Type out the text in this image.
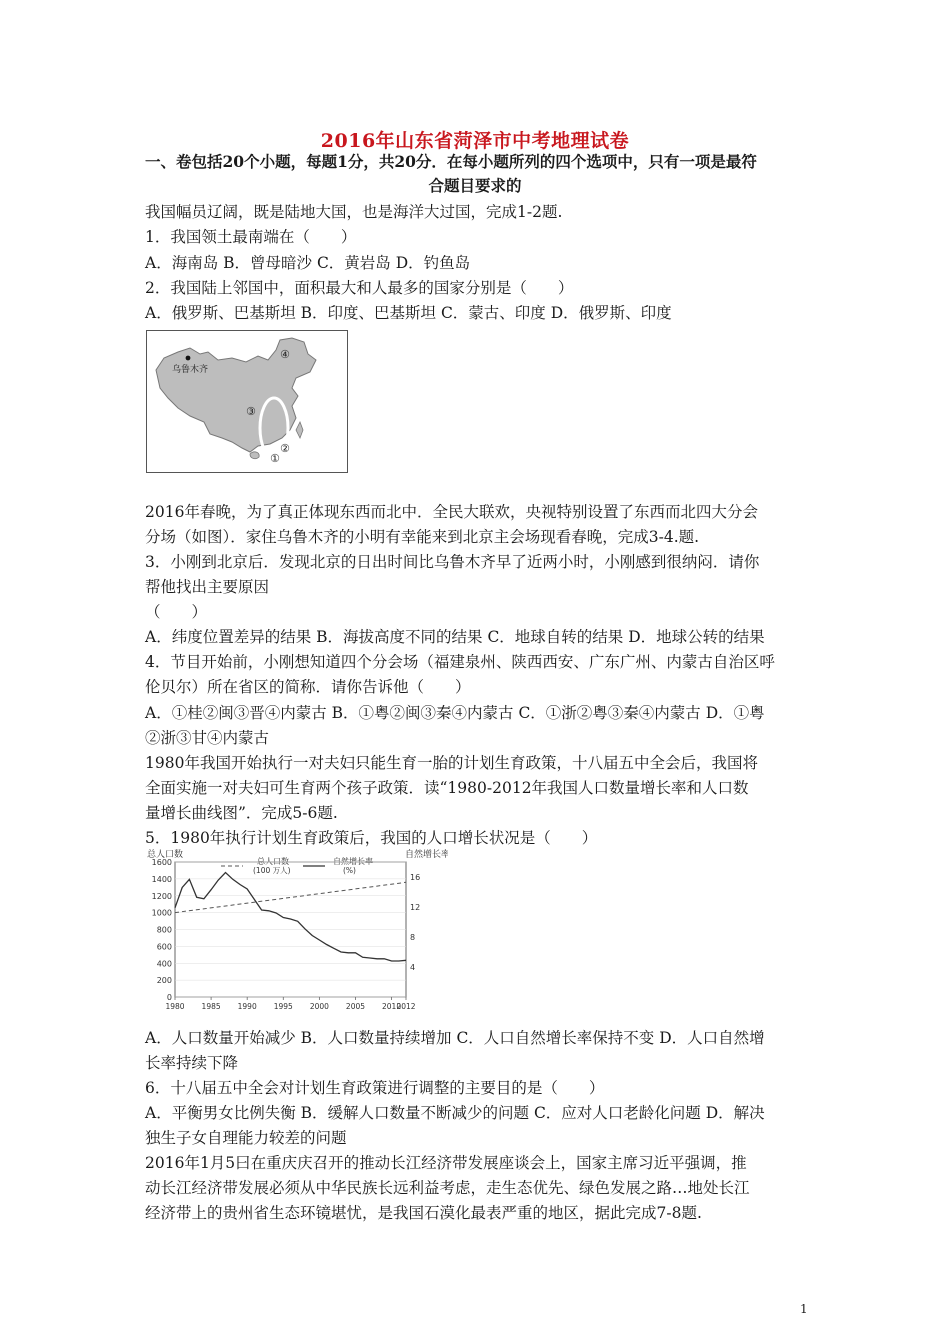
2016年山东省菏泽市中考地理试卷
一、卷包括20个小题，每题1分，共20分．在每小题所列的四个选项中，只有一项是最符
合题目要求的
我国幅员辽阔，既是陆地大国，也是海洋大过国，完成1-2题.
1．我国领土最南端在（　　）
A．海南岛 B．曾母暗沙 C．黄岩岛 D．钓鱼岛
2．我国陆上邻国中，面积最大和人最多的国家分别是（　　）
A．俄罗斯、巴基斯坦 B．印度、巴基斯坦 C．蒙古、印度 D．俄罗斯、印度
乌鲁木齐
④
③
②
①
2016年春晚，为了真正体现东西而北中．全民大联欢，央视特别设置了东西而北四大分会
分场（如图）．家住乌鲁木齐的小明有幸能来到北京主会场现看春晚，完成3-4.题.
3．小刚到北京后．发现北京的日出时间比乌鲁木齐早了近两小时，小刚感到很纳闷．请你
帮他找出主要原因
（　　）
A．纬度位置差异的结果 B．海拔高度不同的结果 C．地球自转的结果 D．地球公转的结果
4．节目开始前，小刚想知道四个分会场（福建泉州、陕西西安、广东广州、内蒙古自治区呼
伦贝尔）所在省区的简称．请你告诉他（　　）
A．①桂②闽③晋④内蒙古 B．①粤②闽③秦④内蒙古 C．①浙②粤③秦④内蒙古 D．①粤
②浙③甘④内蒙古
1980年我国开始执行一对夫妇只能生育一胎的计划生育政策，十八届五中全会后，我国将
全面实施一对夫妇可生育两个孩子政策．读“1980-2012年我国人口数量增长率和人口数
量增长曲线图”．完成5-6题.
5．1980年执行计划生育政策后，我国的人口增长状况是（　　）
总人口数	自然增长率
总人口数
(100 万人)
自然增长率
(%)
1600
1400
1200
1000
800
600
400
200
0
16
12
8
4
1980 1985 1990 1995 2000 2005 2010
2012
A．人口数量开始减少 B．人口数量持续增加 C．人口自然增长率保持不变 D．人口自然增
长率持续下降
6．十八届五中全会对计划生育政策进行调整的主要目的是（　　）
A．平衡男女比例失衡 B．缓解人口数量不断减少的问题 C．应对人口老龄化问题 D．解决
独生子女自理能力较差的问题
2016年1月5曰在重庆庆召开的推动长江经济带发展座谈会上，国家主席习近平强调，推
动长江经济带发展必须从中华民族长远利益考虑，走生态优先、绿色发展之路…地处长江
经济带上的贵州省生态环镜堪忧，是我国石漠化最表严重的地区，据此完成7-8题.
1
